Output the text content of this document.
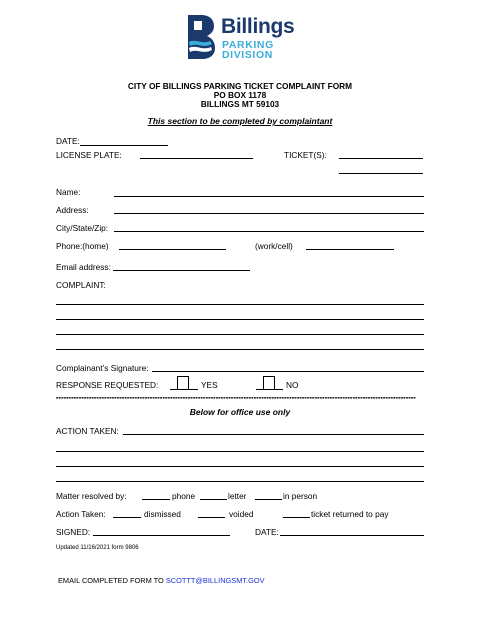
Billings
PARKING
DIVISION
CITY OF BILLINGS PARKING TICKET COMPLAINT FORM
PO BOX 1178
BILLINGS MT 59103
This section to be completed by complaintant
DATE:
LICENSE PLATE:	TICKET(S):
Name:
Address:
City/State/Zip:
Phone:(home)	(work/cell)
Email address:
COMPLAINT:
Complainant’s Signature:
RESPONSE REQUESTED:	YES	NO
**********************************************************************************************************************************************
Below for office use only
ACTION TAKEN:
Matter resolved by:	phone	letter	in person
Action Taken:	dismissed	voided	ticket returned to pay
SIGNED:	DATE:
Updated 11/16/2021 form 9806
EMAIL COMPLETED FORM TO SCOTTT@BILLINGSMT.GOV
